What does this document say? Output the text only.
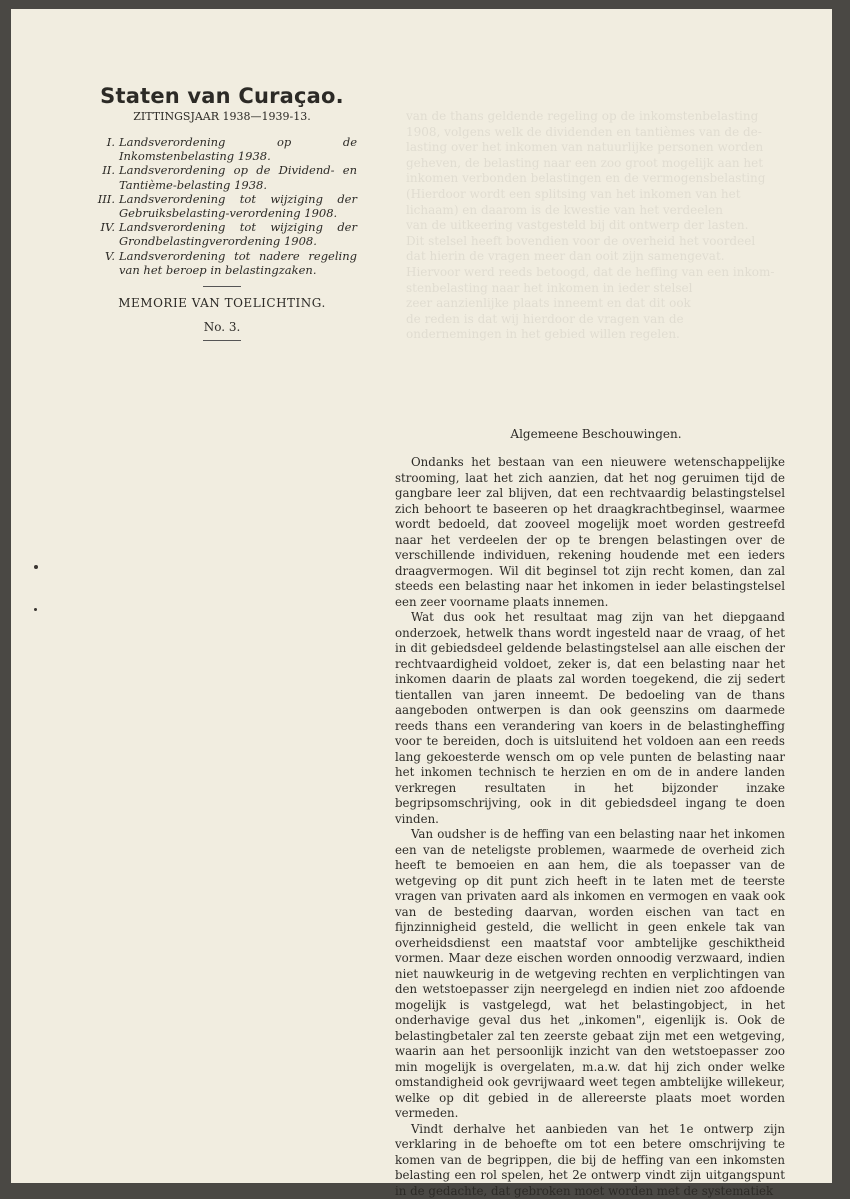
van de thans geldende regeling op de inkomstenbelasting
1908, volgens welk de dividenden en tantièmes van de de-
lasting over het inkomen van natuurlijke personen worden
geheven, de belasting naar een zoo groot mogelijk aan het
inkomen verbonden belastingen en de vermogensbelasting
(Hierdoor wordt een splitsing van het inkomen van het
lichaam) en daarom is de kwestie van het verdeelen
van de uitkeering vastgesteld bij dit ontwerp der lasten.
Dit stelsel heeft bovendien voor de overheid het voordeel
dat hierin de vragen meer dan ooit zijn samengevat.
Hiervoor werd reeds betoogd, dat de heffing van een inkom-
stenbelasting naar het inkomen in ieder stelsel
zeer aanzienlijke plaats inneemt en dat dit ook
de reden is dat wij hierdoor de vragen van de
ondernemingen in het gebied willen regelen.
Staten van Curaçao.
ZITTINGSJAAR 1938—1939-13.
I. Landsverordening op de Inkomstenbelasting 1938.
II. Landsverordening op de Dividend- en Tantième-belasting 1938.
III. Landsverordening tot wijziging der Gebruiksbelasting-verordening 1908.
IV. Landsverordening tot wijziging der Grondbelastingverordening 1908.
V. Landsverordening tot nadere regeling van het beroep in belastingzaken.
MEMORIE VAN TOELICHTING.
No. 3.
Algemeene Beschouwingen.

Ondanks het bestaan van een nieuwere wetenschappelijke strooming, laat het zich aanzien, dat het nog geruimen tijd de gangbare leer zal blijven, dat een rechtvaardig belastingstelsel zich behoort te baseeren op het draagkrachtbeginsel, waarmee wordt bedoeld, dat zooveel mogelijk moet worden gestreefd naar het verdeelen der op te brengen belastingen over de verschillende individuen, rekening houdende met een ieders draagvermogen. Wil dit beginsel tot zijn recht komen, dan zal steeds een belasting naar het inkomen in ieder belastingstelsel een zeer voorname plaats innemen.

Wat dus ook het resultaat mag zijn van het diepgaand onderzoek, hetwelk thans wordt ingesteld naar de vraag, of het in dit gebiedsdeel geldende belastingstelsel aan alle eischen der rechtvaardigheid voldoet, zeker is, dat een belasting naar het inkomen daarin de plaats zal worden toegekend, die zij sedert tientallen van jaren inneemt. De bedoeling van de thans aangeboden ontwerpen is dan ook geenszins om daarmede reeds thans een verandering van koers in de belastingheffing voor te bereiden, doch is uitsluitend het voldoen aan een reeds lang gekoesterde wensch om op vele punten de belasting naar het inkomen technisch te herzien en om de in andere landen verkregen resultaten in het bijzonder inzake begripsomschrijving, ook in dit gebiedsdeel ingang te doen vinden.

Van oudsher is de heffing van een belasting naar het inkomen een van de neteligste problemen, waarmede de overheid zich heeft te bemoeien en aan hem, die als toepasser van de wetgeving op dit punt zich heeft in te laten met de teerste vragen van privaten aard als inkomen en vermogen en vaak ook van de besteding daarvan, worden eischen van tact en fijnzinnigheid gesteld, die wellicht in geen enkele tak van overheidsdienst een maatstaf voor ambtelijke geschiktheid vormen. Maar deze eischen worden onnoodig verzwaard, indien niet nauwkeurig in de wetgeving rechten en verplichtingen van den wetstoepasser zijn neergelegd en indien niet zoo afdoende mogelijk is vastgelegd, wat het belastingobject, in het onderhavige geval dus het „inkomen", eigenlijk is. Ook de belastingbetaler zal ten zeerste gebaat zijn met een wetgeving, waarin aan het persoonlijk inzicht van den wetstoepasser zoo min mogelijk is overgelaten, m.a.w. dat hij zich onder welke omstandigheid ook gevrijwaard weet tegen ambtelijke willekeur, welke op dit gebied in de allereerste plaats moet worden vermeden.

Vindt derhalve het aanbieden van het 1e ontwerp zijn verklaring in de behoefte om tot een betere omschrijving te komen van de begrippen, die bij de heffing van een inkomsten belasting een rol spelen, het 2e ontwerp vindt zijn uitgangspunt in de gedachte, dat gebroken moet worden met de systematiek
